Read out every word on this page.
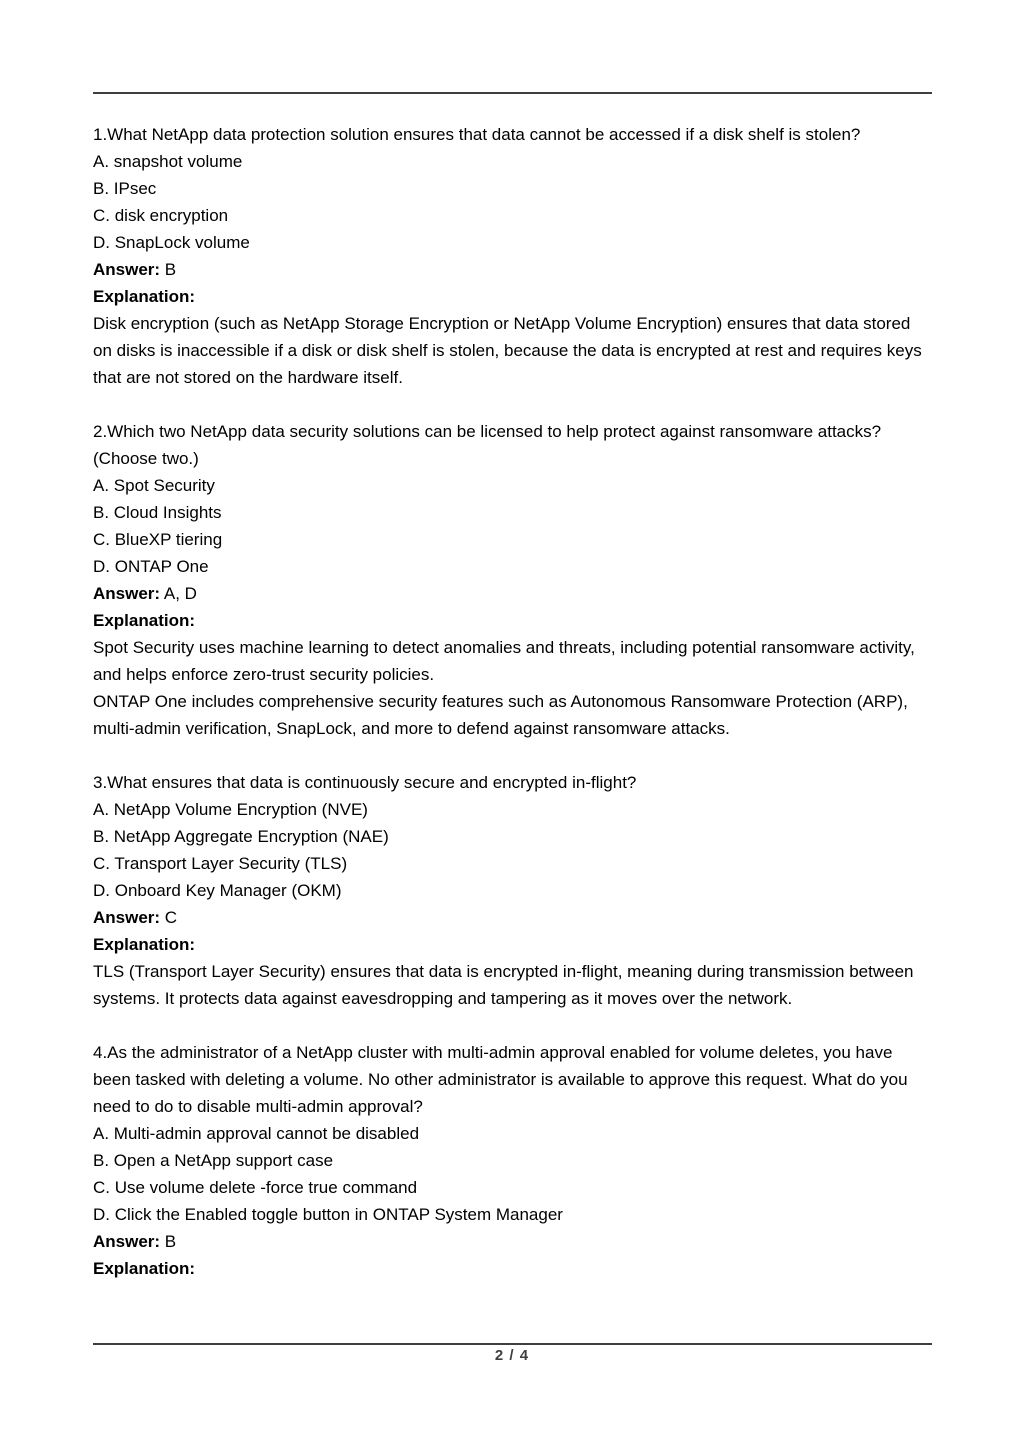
1.What NetApp data protection solution ensures that data cannot be accessed if a disk shelf is stolen?
A. snapshot volume
B. IPsec
C. disk encryption
D. SnapLock volume
Answer: B
Explanation:
Disk encryption (such as NetApp Storage Encryption or NetApp Volume Encryption) ensures that data stored on disks is inaccessible if a disk or disk shelf is stolen, because the data is encrypted at rest and requires keys that are not stored on the hardware itself.
2.Which two NetApp data security solutions can be licensed to help protect against ransomware attacks? (Choose two.)
A. Spot Security
B. Cloud Insights
C. BlueXP tiering
D. ONTAP One
Answer: A, D
Explanation:
Spot Security uses machine learning to detect anomalies and threats, including potential ransomware activity, and helps enforce zero-trust security policies.
ONTAP One includes comprehensive security features such as Autonomous Ransomware Protection (ARP), multi-admin verification, SnapLock, and more to defend against ransomware attacks.
3.What ensures that data is continuously secure and encrypted in-flight?
A. NetApp Volume Encryption (NVE)
B. NetApp Aggregate Encryption (NAE)
C. Transport Layer Security (TLS)
D. Onboard Key Manager (OKM)
Answer: C
Explanation:
TLS (Transport Layer Security) ensures that data is encrypted in-flight, meaning during transmission between systems. It protects data against eavesdropping and tampering as it moves over the network.
4.As the administrator of a NetApp cluster with multi-admin approval enabled for volume deletes, you have been tasked with deleting a volume. No other administrator is available to approve this request. What do you need to do to disable multi-admin approval?
A. Multi-admin approval cannot be disabled
B. Open a NetApp support case
C. Use volume delete -force true command
D. Click the Enabled toggle button in ONTAP System Manager
Answer: B
Explanation:
2 / 4
